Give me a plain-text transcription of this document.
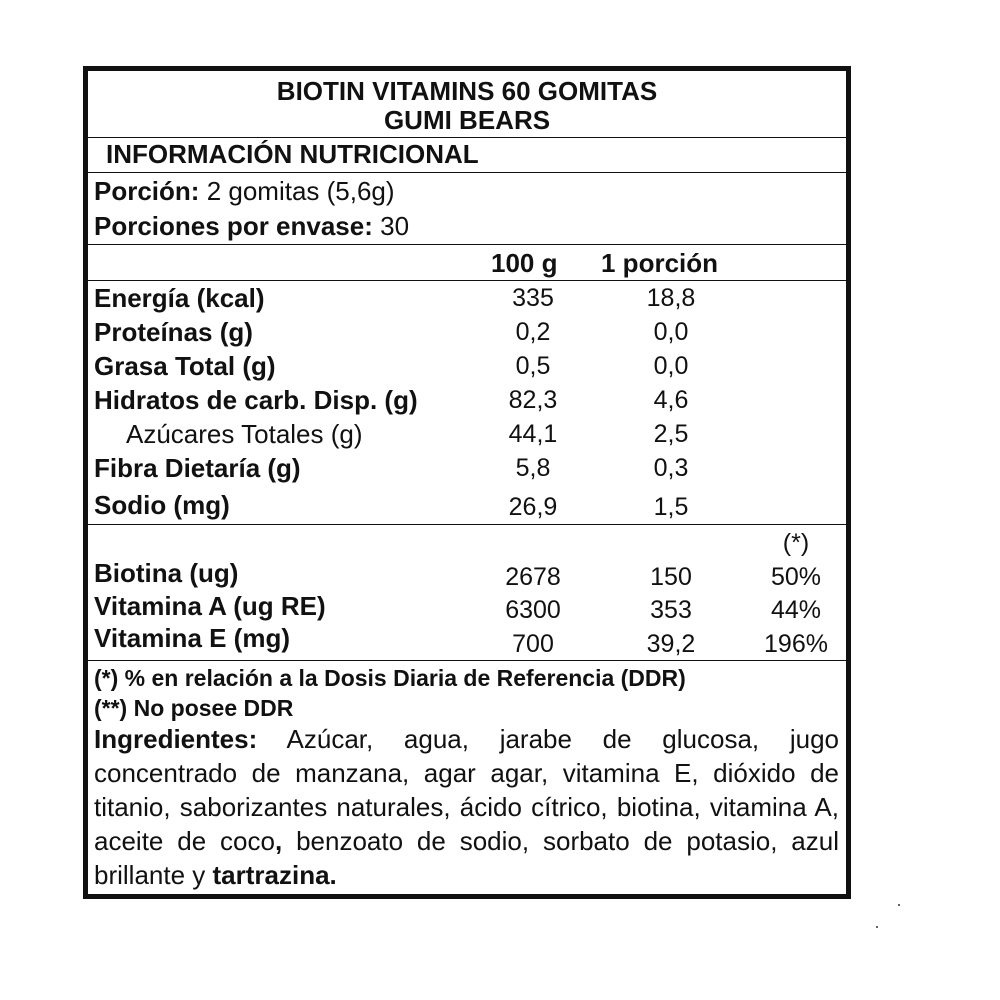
BIOTIN VITAMINS 60 GOMITAS
GUMI BEARS
INFORMACIÓN NUTRICIONAL
Porción: 2 gomitas (5,6g)
Porciones por envase: 30
100 g 1 porción
Energía (kcal)	335	18,8
Proteínas (g)	0,2	0,0
Grasa Total (g)	0,5	0,0
Hidratos de carb. Disp. (g)	82,3	4,6
Azúcares Totales (g)	44,1	2,5
Fibra Dietaría (g)	5,8	0,3
Sodio (mg)	26,9	1,5
(*)
Biotina (ug)	2678	150	50%
Vitamina A (ug RE)	6300	353	44%
Vitamina E (mg)	700	39,2	196%
(*) % en relación a la Dosis Diaria de Referencia (DDR)
(**) No posee DDR
Ingredientes: Azúcar, agua, jarabe de glucosa, jugo concentrado de manzana, agar agar, vitamina E, dióxido de titanio, saborizantes naturales, ácido cítrico, biotina, vitamina A, aceite de coco, benzoato de sodio, sorbato de potasio, azul brillante y tartrazina.
